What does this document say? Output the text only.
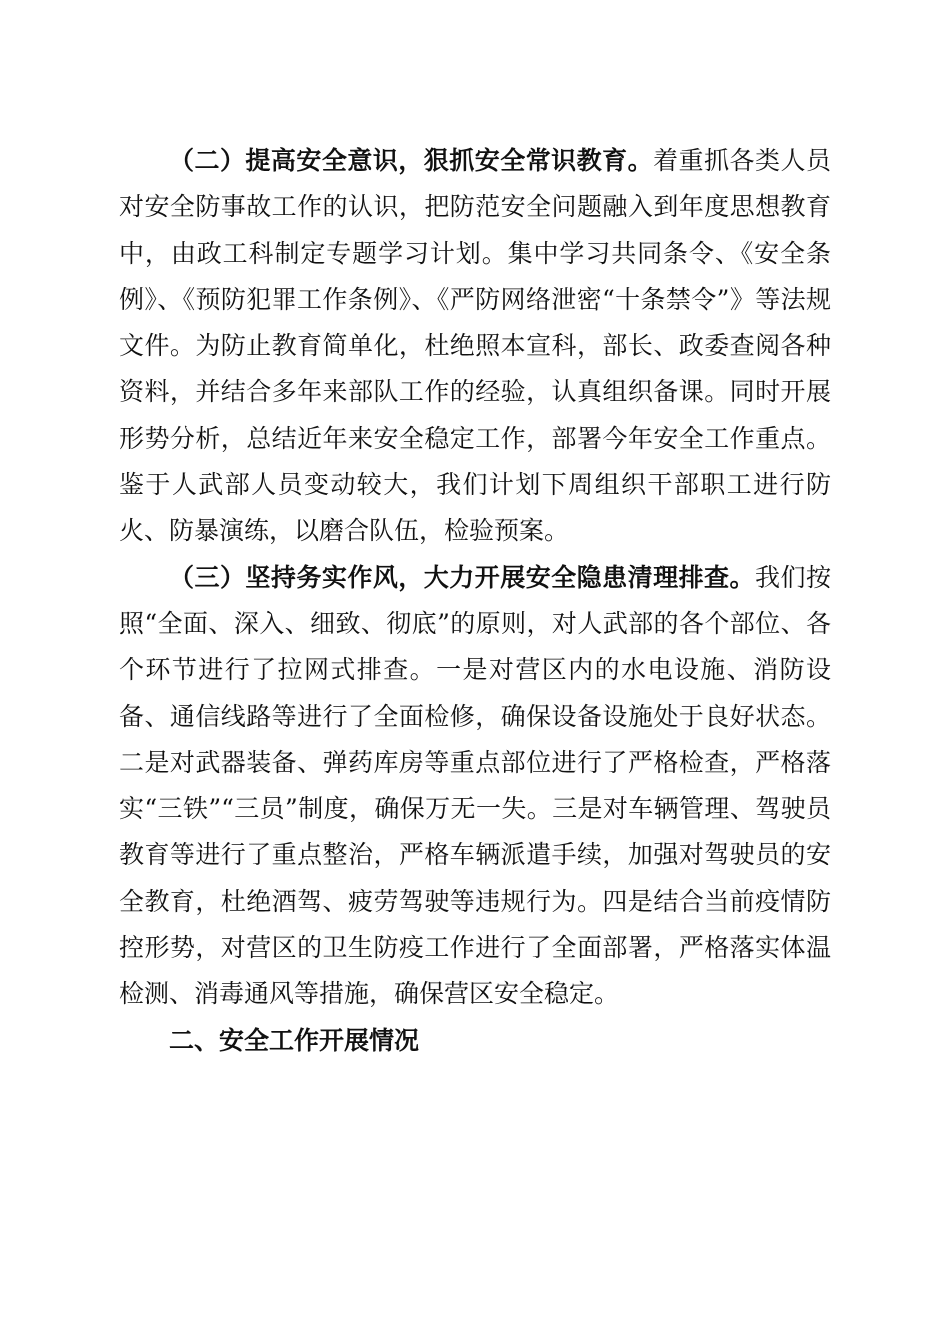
（二）提高安全意识，狠抓安全常识教育。着重抓各类人员对安全防事故工作的认识，把防范安全问题融入到年度思想教育中，由政工科制定专题学习计划。集中学习共同条令、《安全条例》、《预防犯罪工作条例》、《严防网络泄密“十条禁令”》等法规文件。为防止教育简单化，杜绝照本宣科，部长、政委查阅各种资料，并结合多年来部队工作的经验，认真组织备课。同时开展形势分析，总结近年来安全稳定工作，部署今年安全工作重点。鉴于人武部人员变动较大，我们计划下周组织干部职工进行防火、防暴演练，以磨合队伍，检验预案。

（三）坚持务实作风，大力开展安全隐患清理排查。我们按照“全面、深入、细致、彻底”的原则，对人武部的各个部位、各个环节进行了拉网式排查。一是对营区内的水电设施、消防设备、通信线路等进行了全面检修，确保设备设施处于良好状态。二是对武器装备、弹药库房等重点部位进行了严格检查，严格落实“三铁”“三员”制度，确保万无一失。三是对车辆管理、驾驶员教育等进行了重点整治，严格车辆派遣手续，加强对驾驶员的安全教育，杜绝酒驾、疲劳驾驶等违规行为。四是结合当前疫情防控形势，对营区的卫生防疫工作进行了全面部署，严格落实体温检测、消毒通风等措施，确保营区安全稳定。

二、安全工作开展情况
